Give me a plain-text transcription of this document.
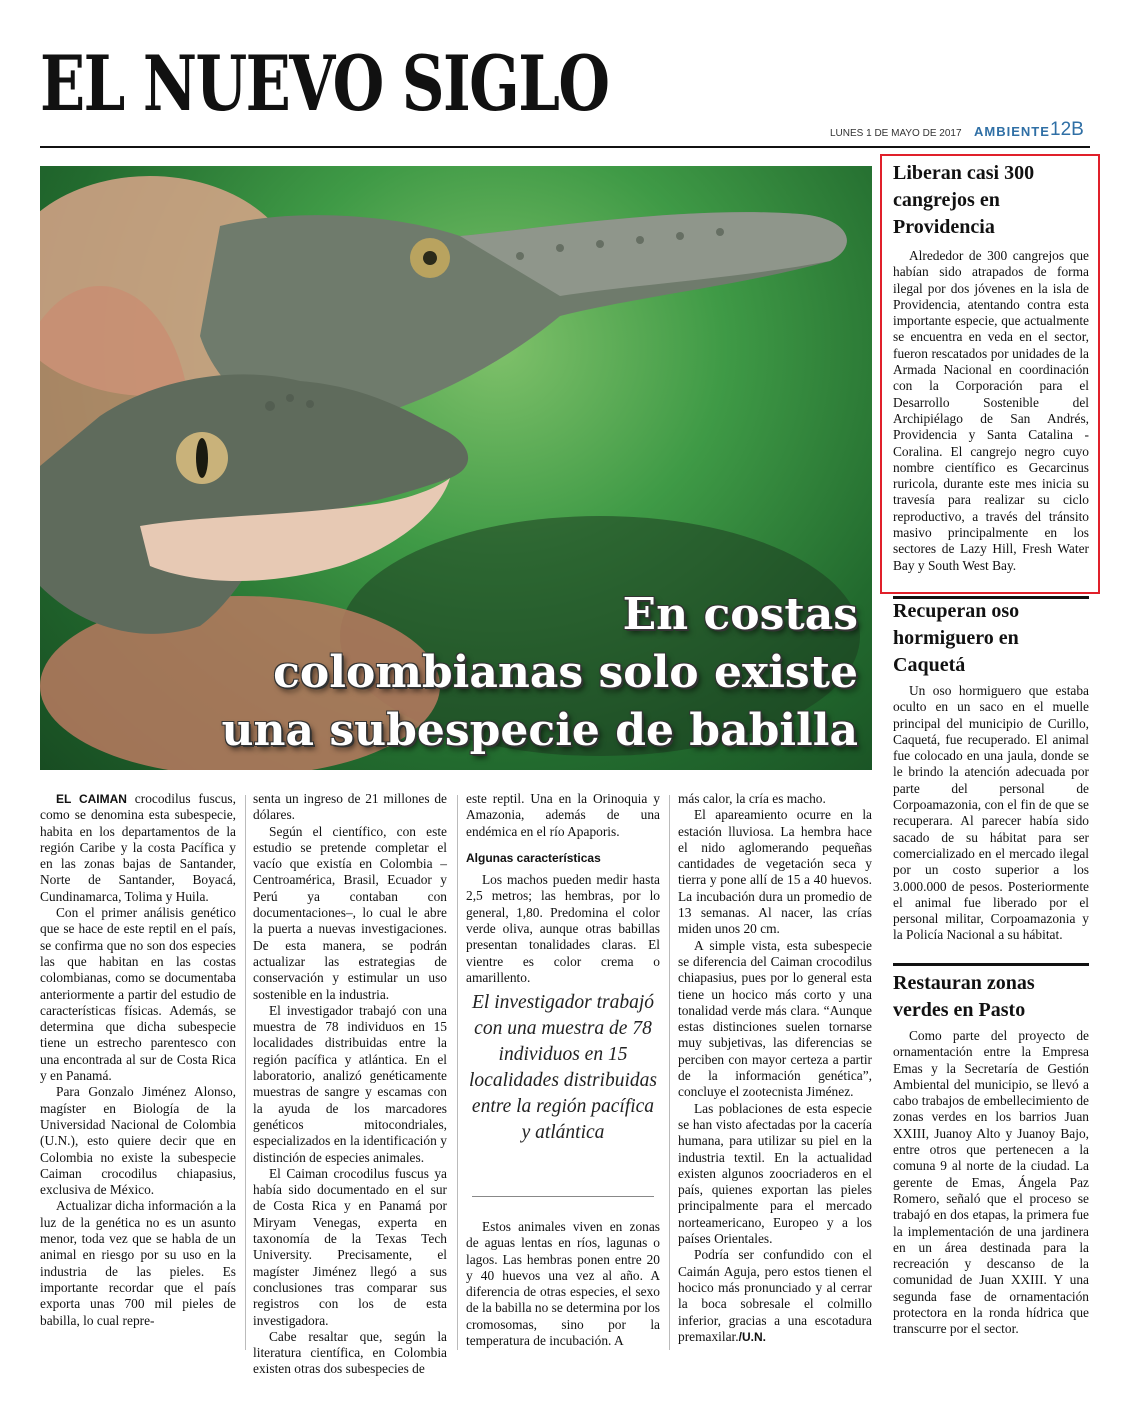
EL NUEVO SIGLO
LUNES 1 DE MAYO DE 2017 AMBIENTE 12B
En costas
colombianas solo existe
una subespecie de babilla

EL CAIMAN crocodilus fuscus, como se denomina esta subespecie, habita en los departamentos de la región Caribe y la costa Pacífica y en las zonas bajas de Santander, Norte de Santander, Boyacá, Cundinamarca, Tolima y Huila.

Con el primer análisis genético que se hace de este reptil en el país, se confirma que no son dos especies las que habitan en las costas colombianas, como se documentaba anteriormente a partir del estudio de características físicas. Además, se determina que dicha subespecie tiene un estrecho parentesco con una encontrada al sur de Costa Rica y en Panamá.

Para Gonzalo Jiménez Alonso, magíster en Biología de la Universidad Nacional de Colombia (U.N.), esto quiere decir que en Colombia no existe la subespecie Caiman crocodilus chiapasius, exclusiva de México.

Actualizar dicha información a la luz de la genética no es un asunto menor, toda vez que se habla de un animal en riesgo por su uso en la industria de las pieles. Es importante recordar que el país exporta unas 700 mil pieles de babilla, lo cual repre-

senta un ingreso de 21 millones de dólares.

Según el científico, con este estudio se pretende completar el vacío que existía en Colombia –Centroamérica, Brasil, Ecuador y Perú ya contaban con documentaciones–, lo cual le abre la puerta a nuevas investigaciones. De esta manera, se podrán actualizar las estrategias de conservación y estimular un uso sostenible en la industria.

El investigador trabajó con una muestra de 78 individuos en 15 localidades distribuidas entre la región pacífica y atlántica. En el laboratorio, analizó genéticamente muestras de sangre y escamas con la ayuda de los marcadores genéticos mitocondriales, especializados en la identificación y distinción de especies animales.

El Caiman crocodilus fuscus ya había sido documentado en el sur de Costa Rica y en Panamá por Miryam Venegas, experta en taxonomía de la Texas Tech University. Precisamente, el magíster Jiménez llegó a sus conclusiones tras comparar sus registros con los de esta investigadora.

Cabe resaltar que, según la literatura científica, en Colombia existen otras dos subespecies de

este reptil. Una en la Orinoquia y Amazonia, además de una endémica en el río Apaporis.

Algunas características

Los machos pueden medir hasta 2,5 metros; las hembras, por lo general, 1,80. Predomina el color verde oliva, aunque otras babillas presentan tonalidades claras. El vientre es color crema o amarillento.

El investigador trabajó con una muestra de 78 individuos en 15 localidades distribuidas entre la región pacífica y atlántica

Estos animales viven en zonas de aguas lentas en ríos, lagunas o lagos. Las hembras ponen entre 20 y 40 huevos una vez al año. A diferencia de otras especies, el sexo de la babilla no se determina por los cromosomas, sino por la temperatura de incubación. A

más calor, la cría es macho.

El apareamiento ocurre en la estación lluviosa. La hembra hace el nido aglomerando pequeñas cantidades de vegetación seca y tierra y pone allí de 15 a 40 huevos. La incubación dura un promedio de 13 semanas. Al nacer, las crías miden unos 20 cm.

A simple vista, esta subespecie se diferencia del Caiman crocodilus chiapasius, pues por lo general esta tiene un hocico más corto y una tonalidad verde más clara. “Aunque estas distinciones suelen tornarse muy subjetivas, las diferencias se perciben con mayor certeza a partir de la información genética”, concluye el zootecnista Jiménez.

Las poblaciones de esta especie se han visto afectadas por la cacería humana, para utilizar su piel en la industria textil. En la actualidad existen algunos zoocriaderos en el país, quienes exportan las pieles principalmente para el mercado norteamericano, Europeo y a los países Orientales.

Podría ser confundido con el Caimán Aguja, pero estos tienen el hocico más pronunciado y al cerrar la boca sobresale el colmillo inferior, gracias a una escotadura premaxilar./U.N.

Liberan casi 300 cangrejos en Providencia

Alrededor de 300 cangrejos que habían sido atrapados de forma ilegal por dos jóvenes en la isla de Providencia, atentando contra esta importante especie, que actualmente se encuentra en veda en el sector, fueron rescatados por unidades de la Armada Nacional en coordinación con la Corporación para el Desarrollo Sostenible del Archipiélago de San Andrés, Providencia y Santa Catalina - Coralina. El cangrejo negro cuyo nombre científico es Gecarcinus ruricola, durante este mes inicia su travesía para realizar su ciclo reproductivo, a través del tránsito masivo principalmente en los sectores de Lazy Hill, Fresh Water Bay y South West Bay.

Recuperan oso hormiguero en Caquetá

Un oso hormiguero que estaba oculto en un saco en el muelle principal del municipio de Curillo, Caquetá, fue recuperado. El animal fue colocado en una jaula, donde se le brindo la atención adecuada por parte del personal de Corpoamazonia, con el fin de que se recuperara. Al parecer había sido sacado de su hábitat para ser comercializado en el mercado ilegal por un costo superior a los 3.000.000 de pesos. Posteriormente el animal fue liberado por el personal militar, Corpoamazonia y la Policía Nacional a su hábitat.

Restauran zonas verdes en Pasto

Como parte del proyecto de ornamentación entre la Empresa Emas y la Secretaría de Gestión Ambiental del municipio, se llevó a cabo trabajos de embellecimiento de zonas verdes en los barrios Juan XXIII, Juanoy Alto y Juanoy Bajo, entre otros que pertenecen a la comuna 9 al norte de la ciudad. La gerente de Emas, Ángela Paz Romero, señaló que el proceso se trabajó en dos etapas, la primera fue la implementación de una jardinera en un área destinada para la recreación y descanso de la comunidad de Juan XXIII. Y una segunda fase de ornamentación protectora en la ronda hídrica que transcurre por el sector.
